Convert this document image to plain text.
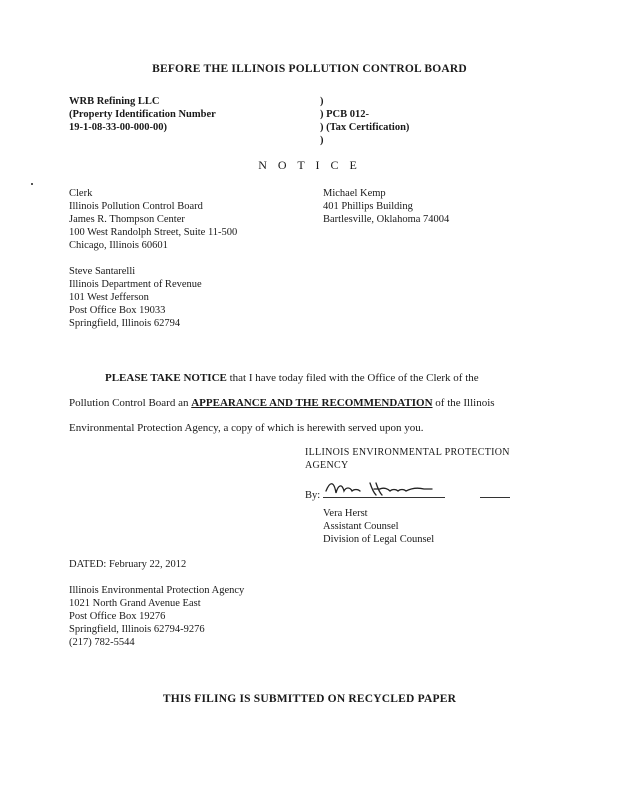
BEFORE THE ILLINOIS POLLUTION CONTROL BOARD
WRB Refining LLC
(Property Identification Number
19-1-08-33-00-000-00)
)
) PCB 012-
) (Tax Certification)
)
N O T I C E
Clerk
Illinois Pollution Control Board
James R. Thompson Center
100 West Randolph Street, Suite 11-500
Chicago, Illinois 60601
Michael Kemp
401 Phillips Building
Bartlesville, Oklahoma 74004
Steve Santarelli
Illinois Department of Revenue
101 West Jefferson
Post Office Box 19033
Springfield, Illinois 62794
PLEASE TAKE NOTICE that I have today filed with the Office of the Clerk of the
Pollution Control Board an APPEARANCE AND THE RECOMMENDATION of the Illinois
Environmental Protection Agency, a copy of which is herewith served upon you.
ILLINOIS ENVIRONMENTAL PROTECTION
AGENCY
By:
Vera Herst
Assistant Counsel
Division of Legal Counsel
DATED: February 22, 2012
Illinois Environmental Protection Agency
1021 North Grand Avenue East
Post Office Box 19276
Springfield, Illinois 62794-9276
(217) 782-5544
THIS FILING IS SUBMITTED ON RECYCLED PAPER
